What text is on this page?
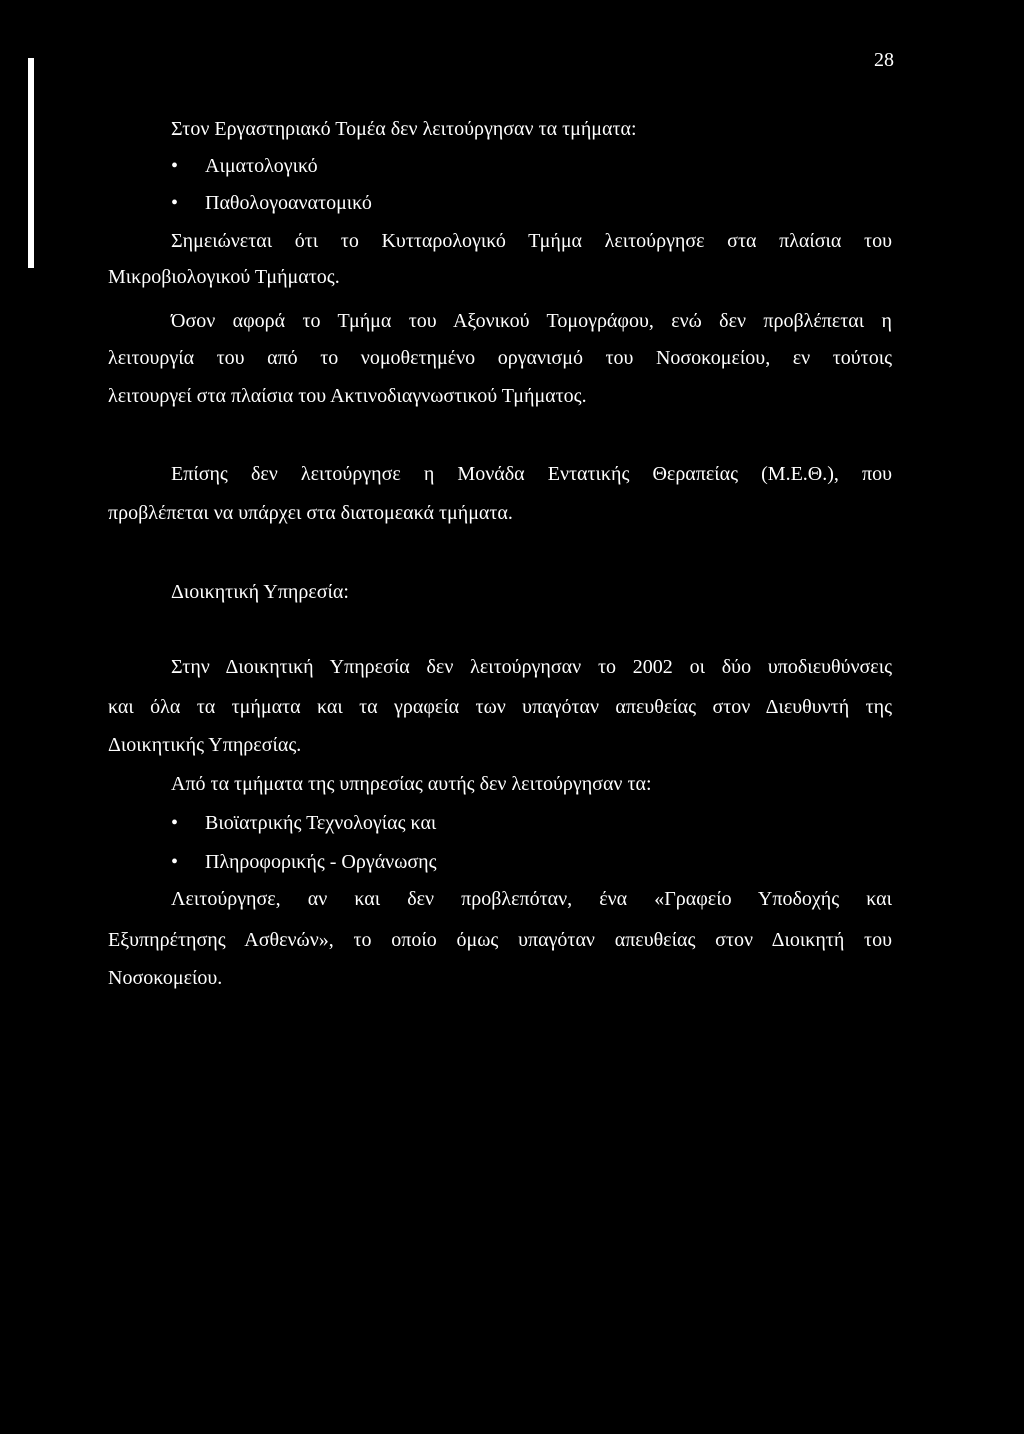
28
Στον Εργαστηριακό Τομέα δεν λειτούργησαν τα τμήματα:
• Αιματολογικό
• Παθολογοανατομικό
Σημειώνεται ότι το Κυτταρολογικό Τμήμα λειτούργησε στα πλαίσια του
Μικροβιολογικού Τμήματος.
Όσον αφορά το Τμήμα του Αξονικού Τομογράφου, ενώ δεν προβλέπεται η
λειτουργία του από το νομοθετημένο οργανισμό του Νοσοκομείου, εν τούτοις
λειτουργεί στα πλαίσια του Ακτινοδιαγνωστικού Τμήματος.
Επίσης δεν λειτούργησε η Μονάδα Εντατικής Θεραπείας (Μ.Ε.Θ.), που
προβλέπεται να υπάρχει στα διατομεακά τμήματα.
Διοικητική Υπηρεσία:
Στην Διοικητική Υπηρεσία δεν λειτούργησαν το 2002 οι δύο υποδιευθύνσεις
και όλα τα τμήματα και τα γραφεία των υπαγόταν απευθείας στον Διευθυντή της
Διοικητικής Υπηρεσίας.
Από τα τμήματα της υπηρεσίας αυτής δεν λειτούργησαν τα:
• Βιοϊατρικής Τεχνολογίας και
• Πληροφορικής - Οργάνωσης
Λειτούργησε, αν και δεν προβλεπόταν, ένα «Γραφείο Υποδοχής και
Εξυπηρέτησης Ασθενών», το οποίο όμως υπαγόταν απευθείας στον Διοικητή του
Νοσοκομείου.
